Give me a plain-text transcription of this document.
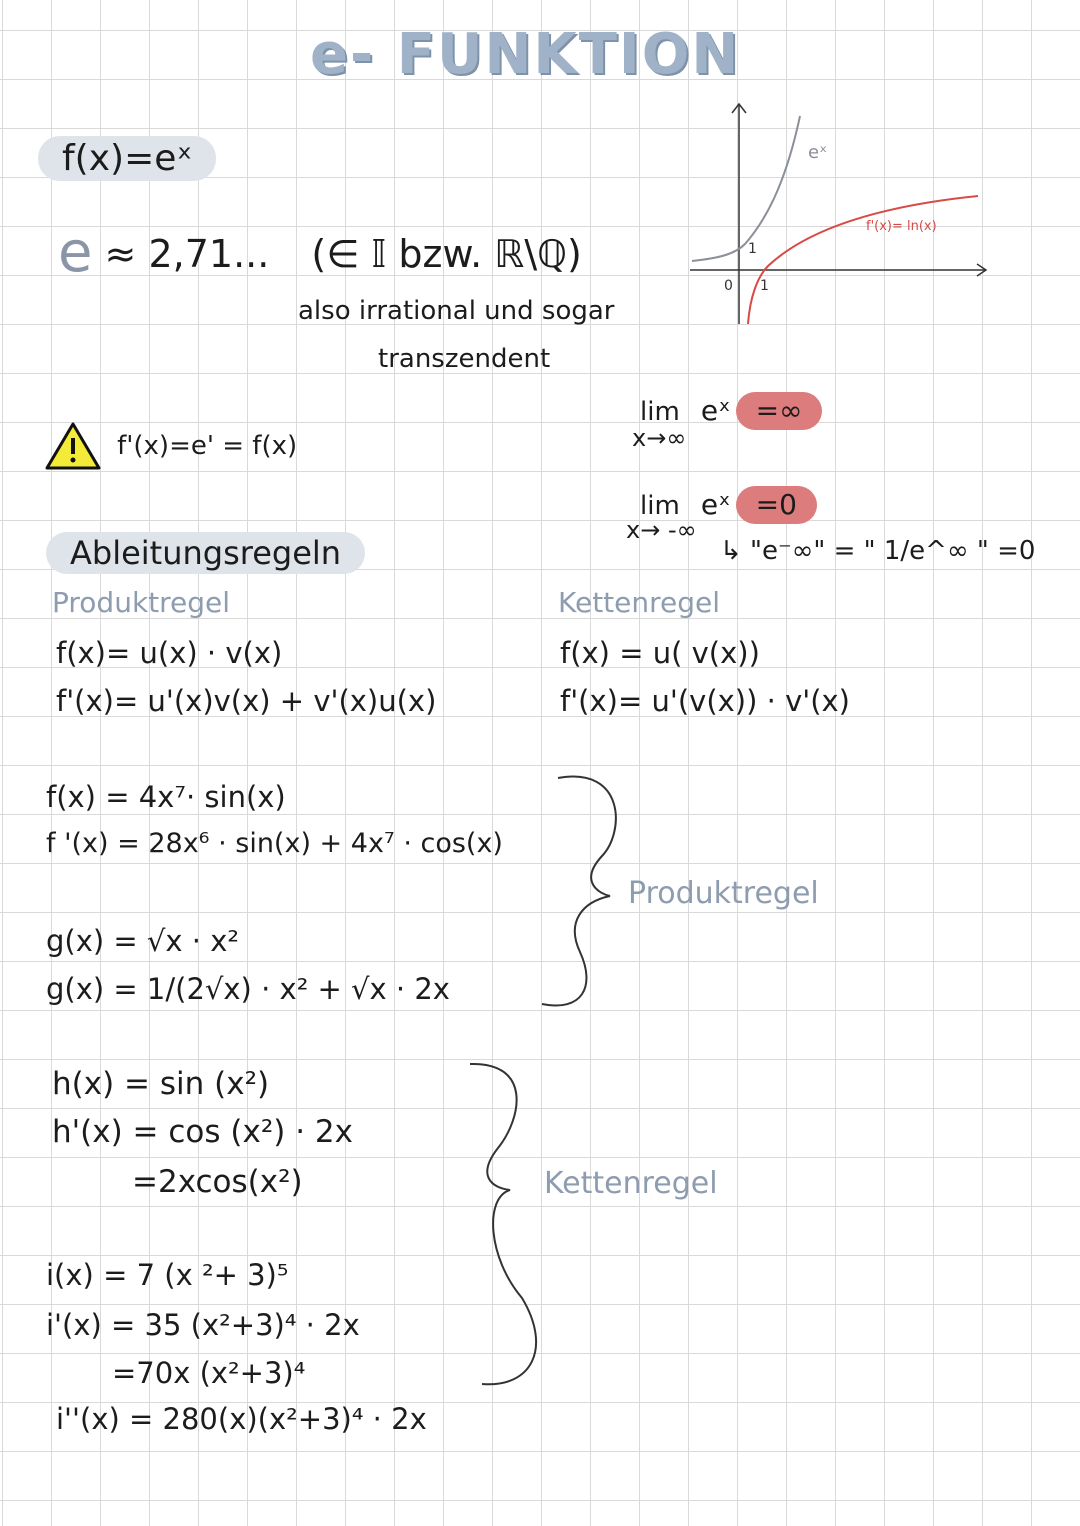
e- FUNKTION
f(x)=eˣ
e ≈ 2,71... (∈ 𝕀 bzw. ℝ\ℚ)
also irrational und sogar
transzendent
eˣ
f'(x)= ln(x)
0
1
1
lim eˣ =∞
x→∞
lim eˣ =0
x→ -∞
↳ "e⁻∞" = " 1/e^∞ " =0
f'(x)=e' = f(x)
Ableitungsregeln
Produktregel
f(x)= u(x) · v(x)
f'(x)= u'(x)v(x) + v'(x)u(x)
Kettenregel
f(x) = u( v(x))
f'(x)= u'(v(x)) · v'(x)
f(x) = 4x⁷· sin(x)
f '(x) = 28x⁶ · sin(x) + 4x⁷ · cos(x)
g(x) = √x · x²
g(x) = 1/(2√x) · x² + √x · 2x
Produktregel
h(x) = sin (x²)
h'(x) = cos (x²) · 2x
=2xcos(x²)
i(x) = 7 (x ²+ 3)⁵
i'(x) = 35 (x²+3)⁴ · 2x
=70x (x²+3)⁴
i''(x) = 280(x)(x²+3)⁴ · 2x
Kettenregel
